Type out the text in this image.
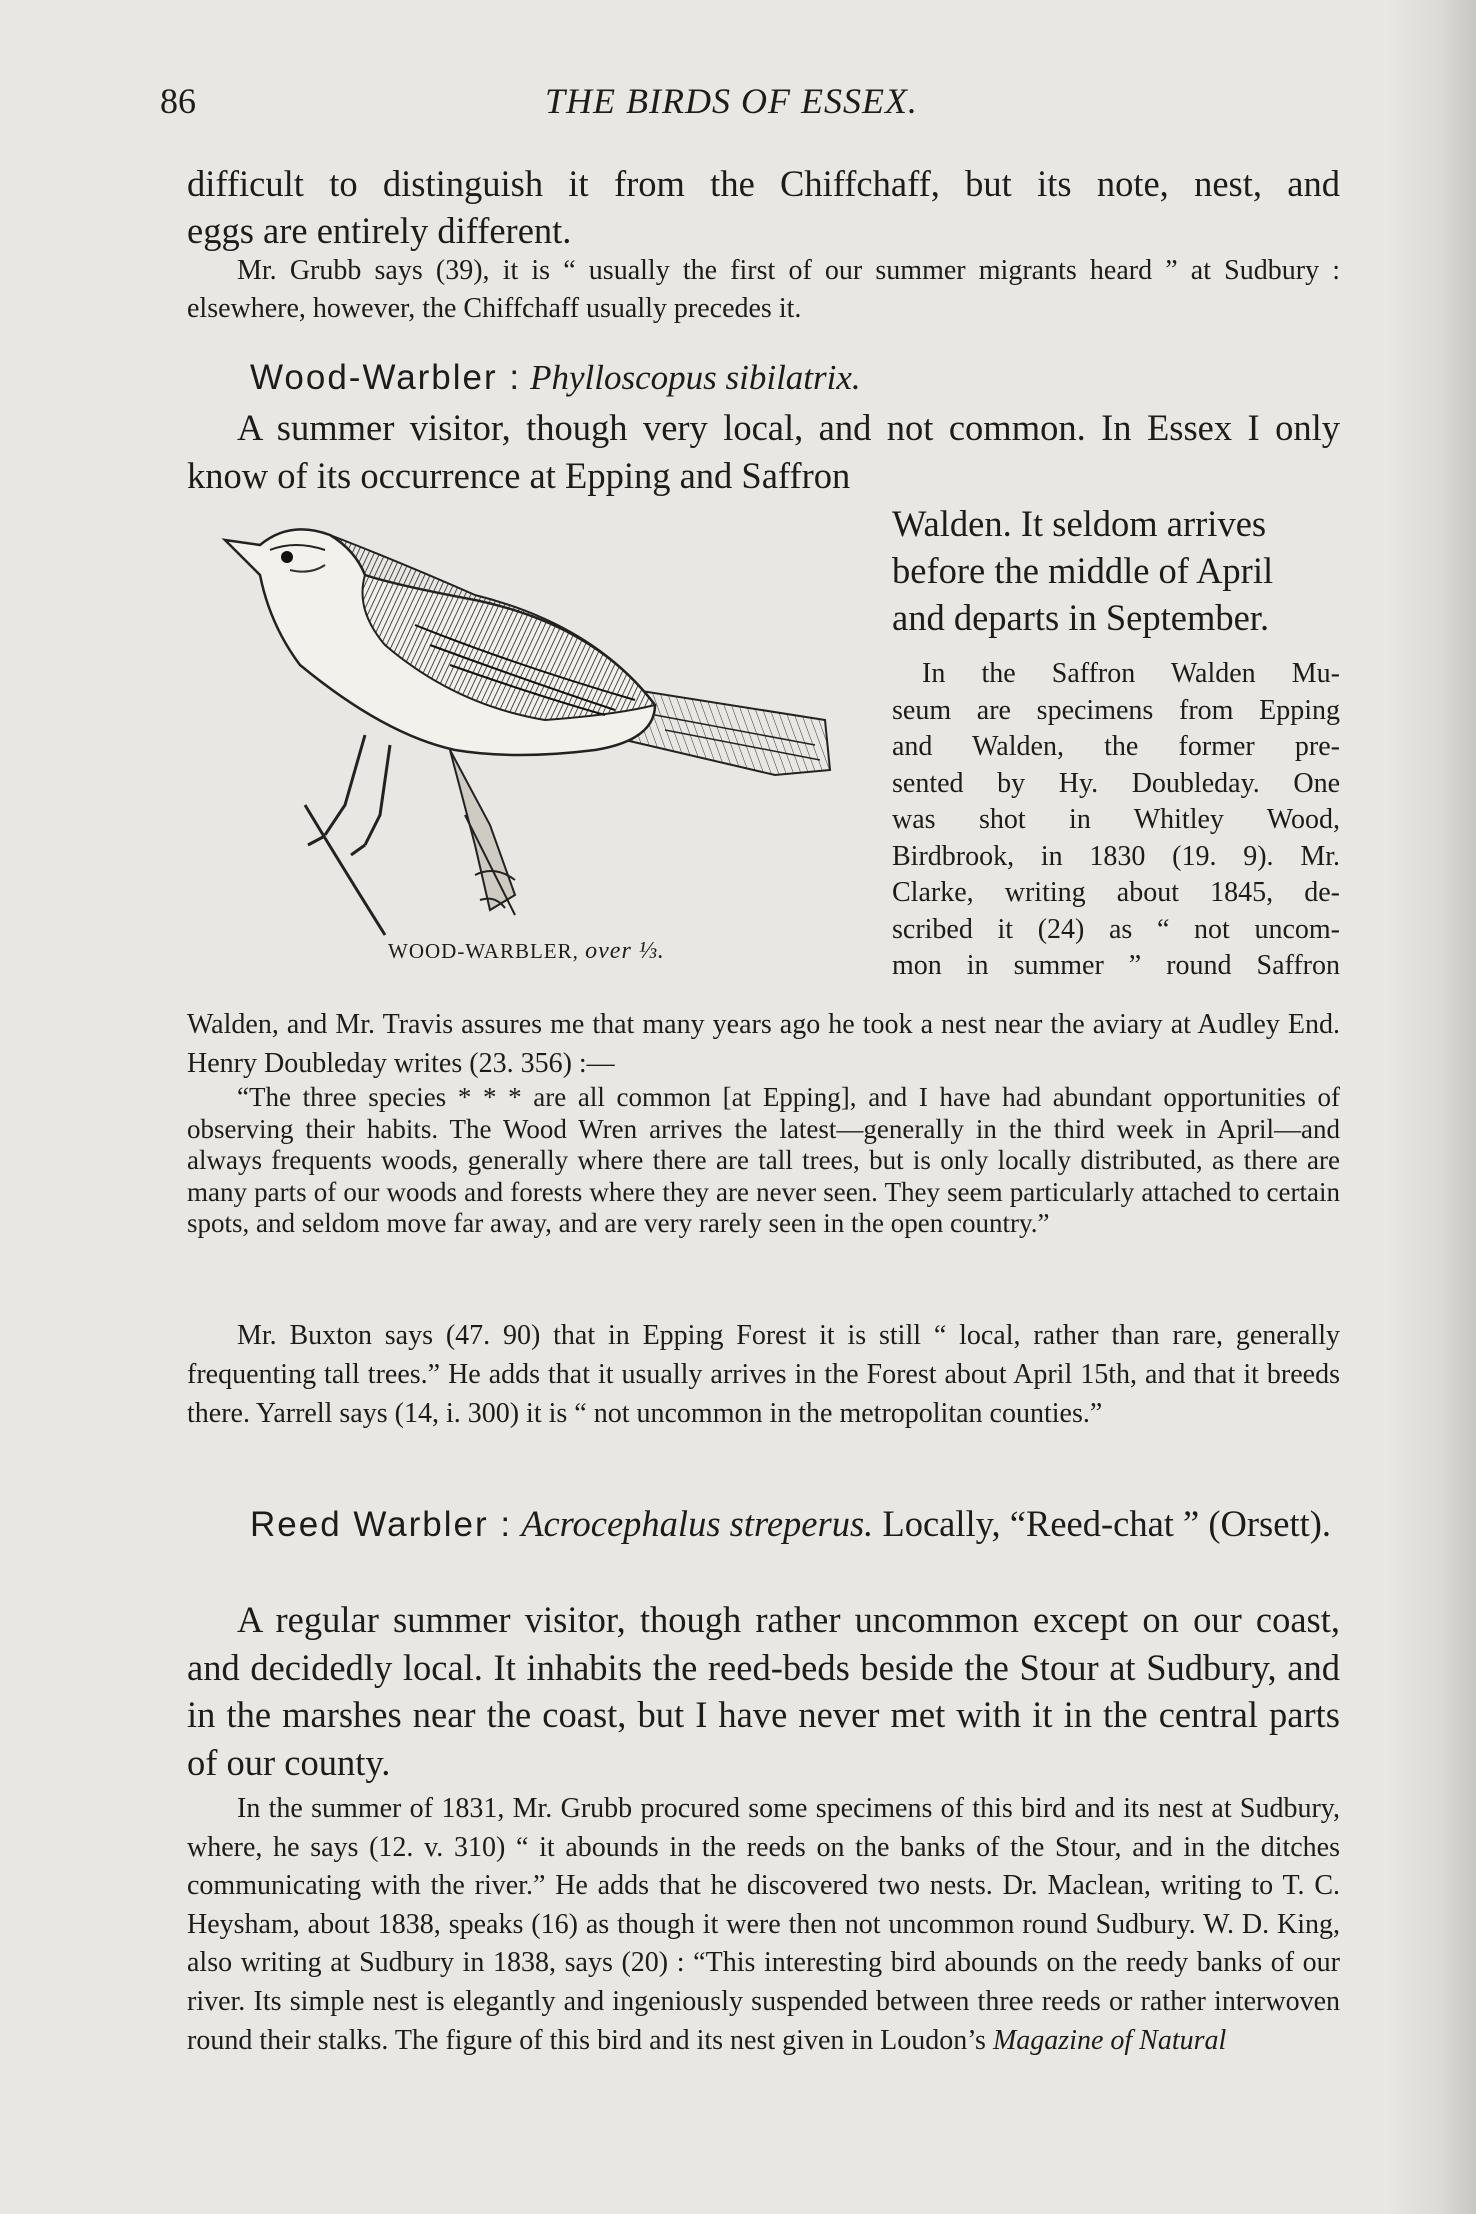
86	THE BIRDS OF ESSEX.

difficult to distinguish it from the Chiffchaff, but its note, nest, and

eggs are entirely different.

Mr. Grubb says (39), it is “ usually the first of our summer migrants heard ” at Sudbury : elsewhere, however, the Chiffchaff usually precedes it.

Wood-Warbler : Phylloscopus sibilatrix.

A summer visitor, though very local, and not common. In Essex I only know of its occurrence at Epping and Saffron

Walden. It seldom arrives

before the middle of April

and departs in September.

In the Saffron Walden Mu-

seum are specimens from Epping

and Walden, the former pre-

sented by Hy. Doubleday. One

was shot in Whitley Wood,

Birdbrook, in 1830 (19. 9). Mr.

Clarke, writing about 1845, de-

scribed it (24) as “ not uncom-

mon in summer ” round Saffron

WOOD-WARBLER, over ⅓.

Walden, and Mr. Travis assures me that many years ago he took a nest near the aviary at Audley End. Henry Doubleday writes (23. 356) :—

“The three species * * * are all common [at Epping], and I have had abundant opportunities of observing their habits. The Wood Wren arrives the latest—generally in the third week in April—and always frequents woods, generally where there are tall trees, but is only locally distributed, as there are many parts of our woods and forests where they are never seen. They seem particularly attached to certain spots, and seldom move far away, and are very rarely seen in the open country.”

Mr. Buxton says (47. 90) that in Epping Forest it is still “ local, rather than rare, generally frequenting tall trees.” He adds that it usually arrives in the Forest about April 15th, and that it breeds there. Yarrell says (14, i. 300) it is “ not uncommon in the metropolitan counties.”

Reed Warbler : Acrocephalus streperus. Locally, “Reed-chat ” (Orsett).

A regular summer visitor, though rather uncommon except on our coast, and decidedly local. It inhabits the reed-beds beside the Stour at Sudbury, and in the marshes near the coast, but I have never met with it in the central parts of our county.

In the summer of 1831, Mr. Grubb procured some specimens of this bird and its nest at Sudbury, where, he says (12. v. 310) “ it abounds in the reeds on the banks of the Stour, and in the ditches communicating with the river.” He adds that he discovered two nests. Dr. Maclean, writing to T. C. Heysham, about 1838, speaks (16) as though it were then not uncommon round Sudbury. W. D. King, also writing at Sudbury in 1838, says (20) : “This interesting bird abounds on the reedy banks of our river. Its simple nest is elegantly and ingeniously suspended between three reeds or rather interwoven round their stalks. The figure of this bird and its nest given in Loudon’s Magazine of Natural
